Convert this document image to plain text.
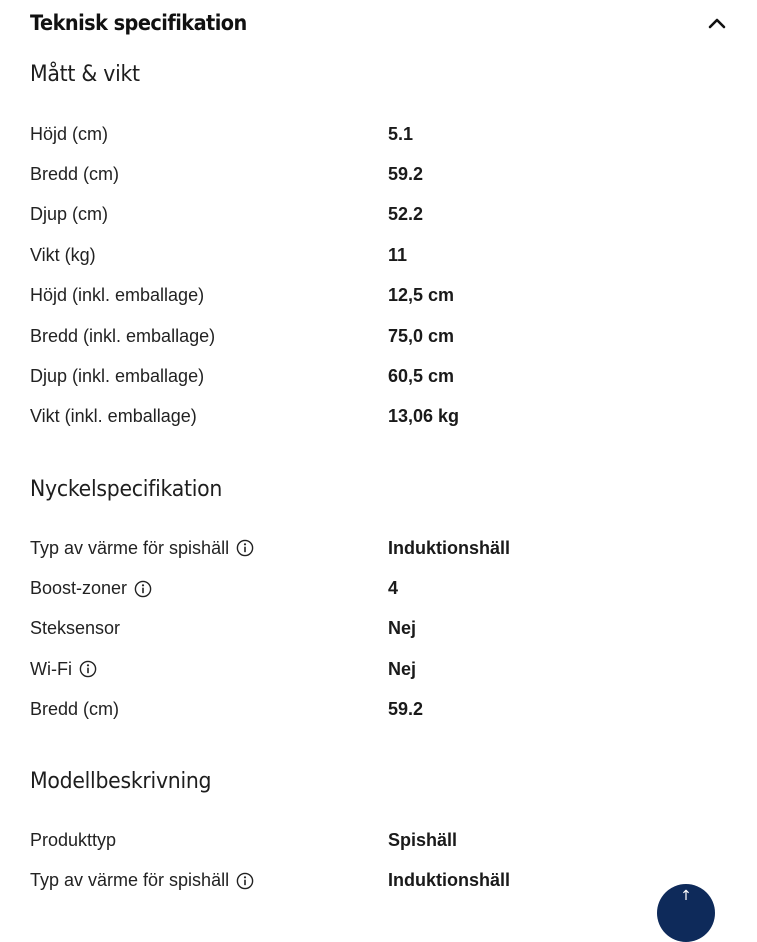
Teknisk specifikation
Mått & vikt
Höjd (cm)	5.1
Bredd (cm)	59.2
Djup (cm)	52.2
Vikt (kg)	11
Höjd (inkl. emballage)	12,5 cm
Bredd (inkl. emballage)	75,0 cm
Djup (inkl. emballage)	60,5 cm
Vikt (inkl. emballage)	13,06 kg
Nyckelspecifikation
Typ av värme för spishäll	Induktionshäll
Boost-zoner	4
Steksensor	Nej
Wi-Fi	Nej
Bredd (cm)	59.2
Modellbeskrivning
Produkttyp	Spishäll
Typ av värme för spishäll	Induktionshäll
↑
